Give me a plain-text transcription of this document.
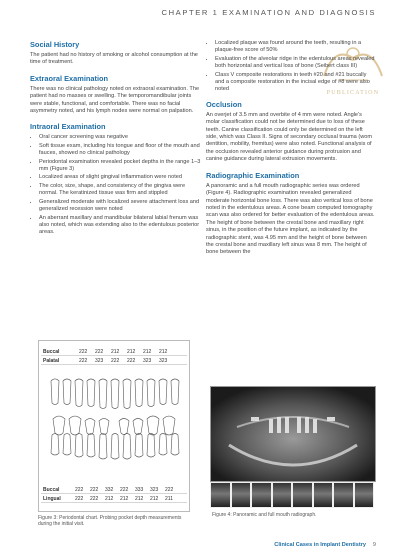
CHAPTER 1 EXAMINATION AND DIAGNOSIS
PUBLICATION
Social History

The patient had no history of smoking or alcohol consumption at the time of treatment.

Extraoral Examination

There was no clinical pathology noted on extraoral examination. The patient had no masses or swelling. The temporomandibular joints were stable, functional, and comfortable. There was no facial asymmetry noted, and his lymph nodes were normal on palpation.

Intraoral Examination
• Oral cancer screening was negative
• Soft tissue exam, including his tongue and floor of the mouth and fauces, showed no clinical pathology
• Periodontal examination revealed pocket depths in the range 1–3 mm (Figure 3)
• Localized areas of slight gingival inflammation were noted
• The color, size, shape, and consistency of the gingiva were normal. The keratinized tissue was firm and stippled
• Generalized moderate with localized severe attachment loss and generalized recession were noted
• An aberrant maxillary and mandibular bilateral labial frenum was also noted, which was extending also to the edentulous posterior areas.
• Localized plaque was found around the teeth, resulting in a plaque-free score of 50%
• Evaluation of the alveolar ridge in the edentulous areas revealed both horizontal and vertical loss of bone (Seibert class III)
• Class V composite restorations in teeth #20 and #21 buccally and a composite restoration in the incisal edge of #8 were also noted
Occlusion

An overjet of 3.5 mm and overbite of 4 mm were noted. Angle's molar classification could not be determined due to loss of these teeth. Canine classification could only be determined on the left side, which was Class II. Signs of secondary occlusal trauma (wom dentition, mobility, fremitus) were also noted. Functional analysis of the occlusion revealed anterior guidance during protrusion and canine guidance during lateral extrusion movements.

Radiographic Examination

A panoramic and a full mouth radiographic series was ordered (Figure 4). Radiographic examination revealed generalized moderate horizontal bone loss. There was also vertical loss of bone noted in the edentulous areas. A cone beam computed tomography scan was also ordered for better evaluation of the edentulous areas. The height of bone between the crestal bone and maxillary right sinus, in the position of the future implant, as indicated by the radiographic stent, was 4.95 mm and the height of bone between the crestal bone and maxillary left sinus was 8 mm. The height of bone between the

Buccal	222 222 212 212 212 212
Palatal	222 323 222 222 323 323
Buccal	222 222 332 222 333 323 222
Lingual	222 222 212 212 212 212 211
Figure 3: Periodontal chart. Probing pocket depth measurements during the initial visit.
Figure 4: Panoramic and full mouth radiograph.
Clinical Cases in Implant Dentistry 9
